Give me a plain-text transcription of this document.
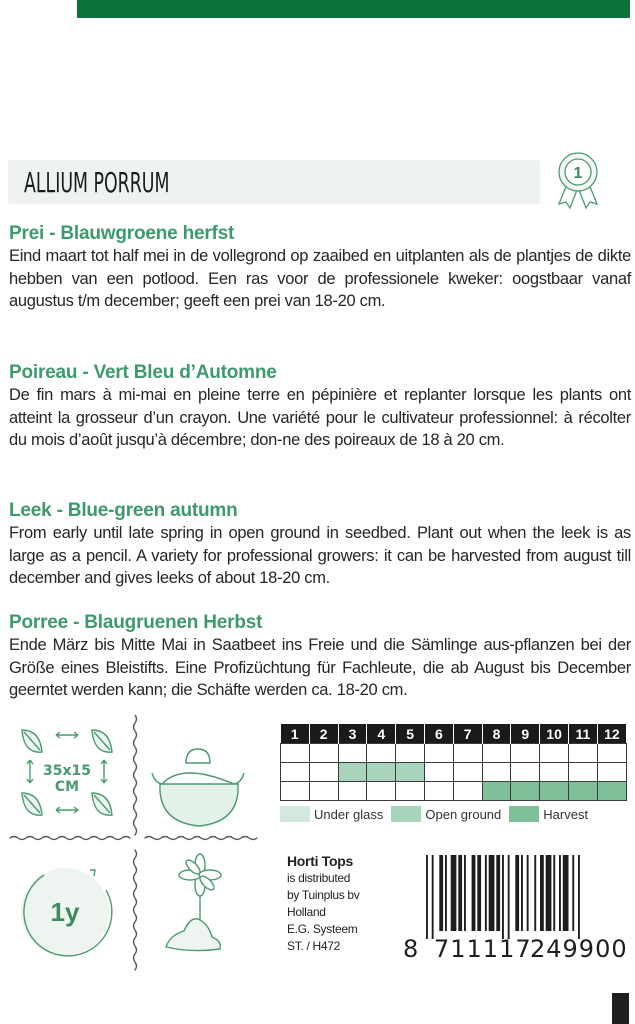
ALLIUM PORRUM	1
Prei - Blauwgroene herfst

Eind maart tot half mei in de vollegrond op zaaibed en uitplanten als de plantjes de dikte hebben van een potlood. Een ras voor de professionele kweker: oogstbaar vanaf augustus t/m december; geeft een prei van 18-20 cm.

Poireau - Vert Bleu d’Automne

De fin mars à mi-mai en pleine terre en pépinière et replanter lorsque les plants ont atteint la grosseur d’un crayon. Une variété pour le cultivateur professionnel: à récolter du mois d’août jusqu’à décembre; don-ne des poireaux de 18 à 20 cm.

Leek - Blue-green autumn

From early until late spring in open ground in seedbed. Plant out when the leek is as large as a pencil. A variety for professional growers: it can be harvested from august till december and gives leeks of about 18-20 cm.

Porree - Blaugruenen Herbst

Ende März bis Mitte Mai in Saatbeet ins Freie und die Sämlinge aus-pflanzen bei der Größe eines Bleistifts. Eine Profizüchtung für Fachleute, die ab August bis December geerntet werden kann; die Schäfte werden ca. 18-20 cm.

35x15
CM
1y
1	2	3	4	5	6	7	8	9	10	11	12

Under glass	Open ground	Harvest
Horti Tops
is distributed
by Tuinplus bv
Holland
E.G. Systeem
ST. / H472	8 711117
249900
